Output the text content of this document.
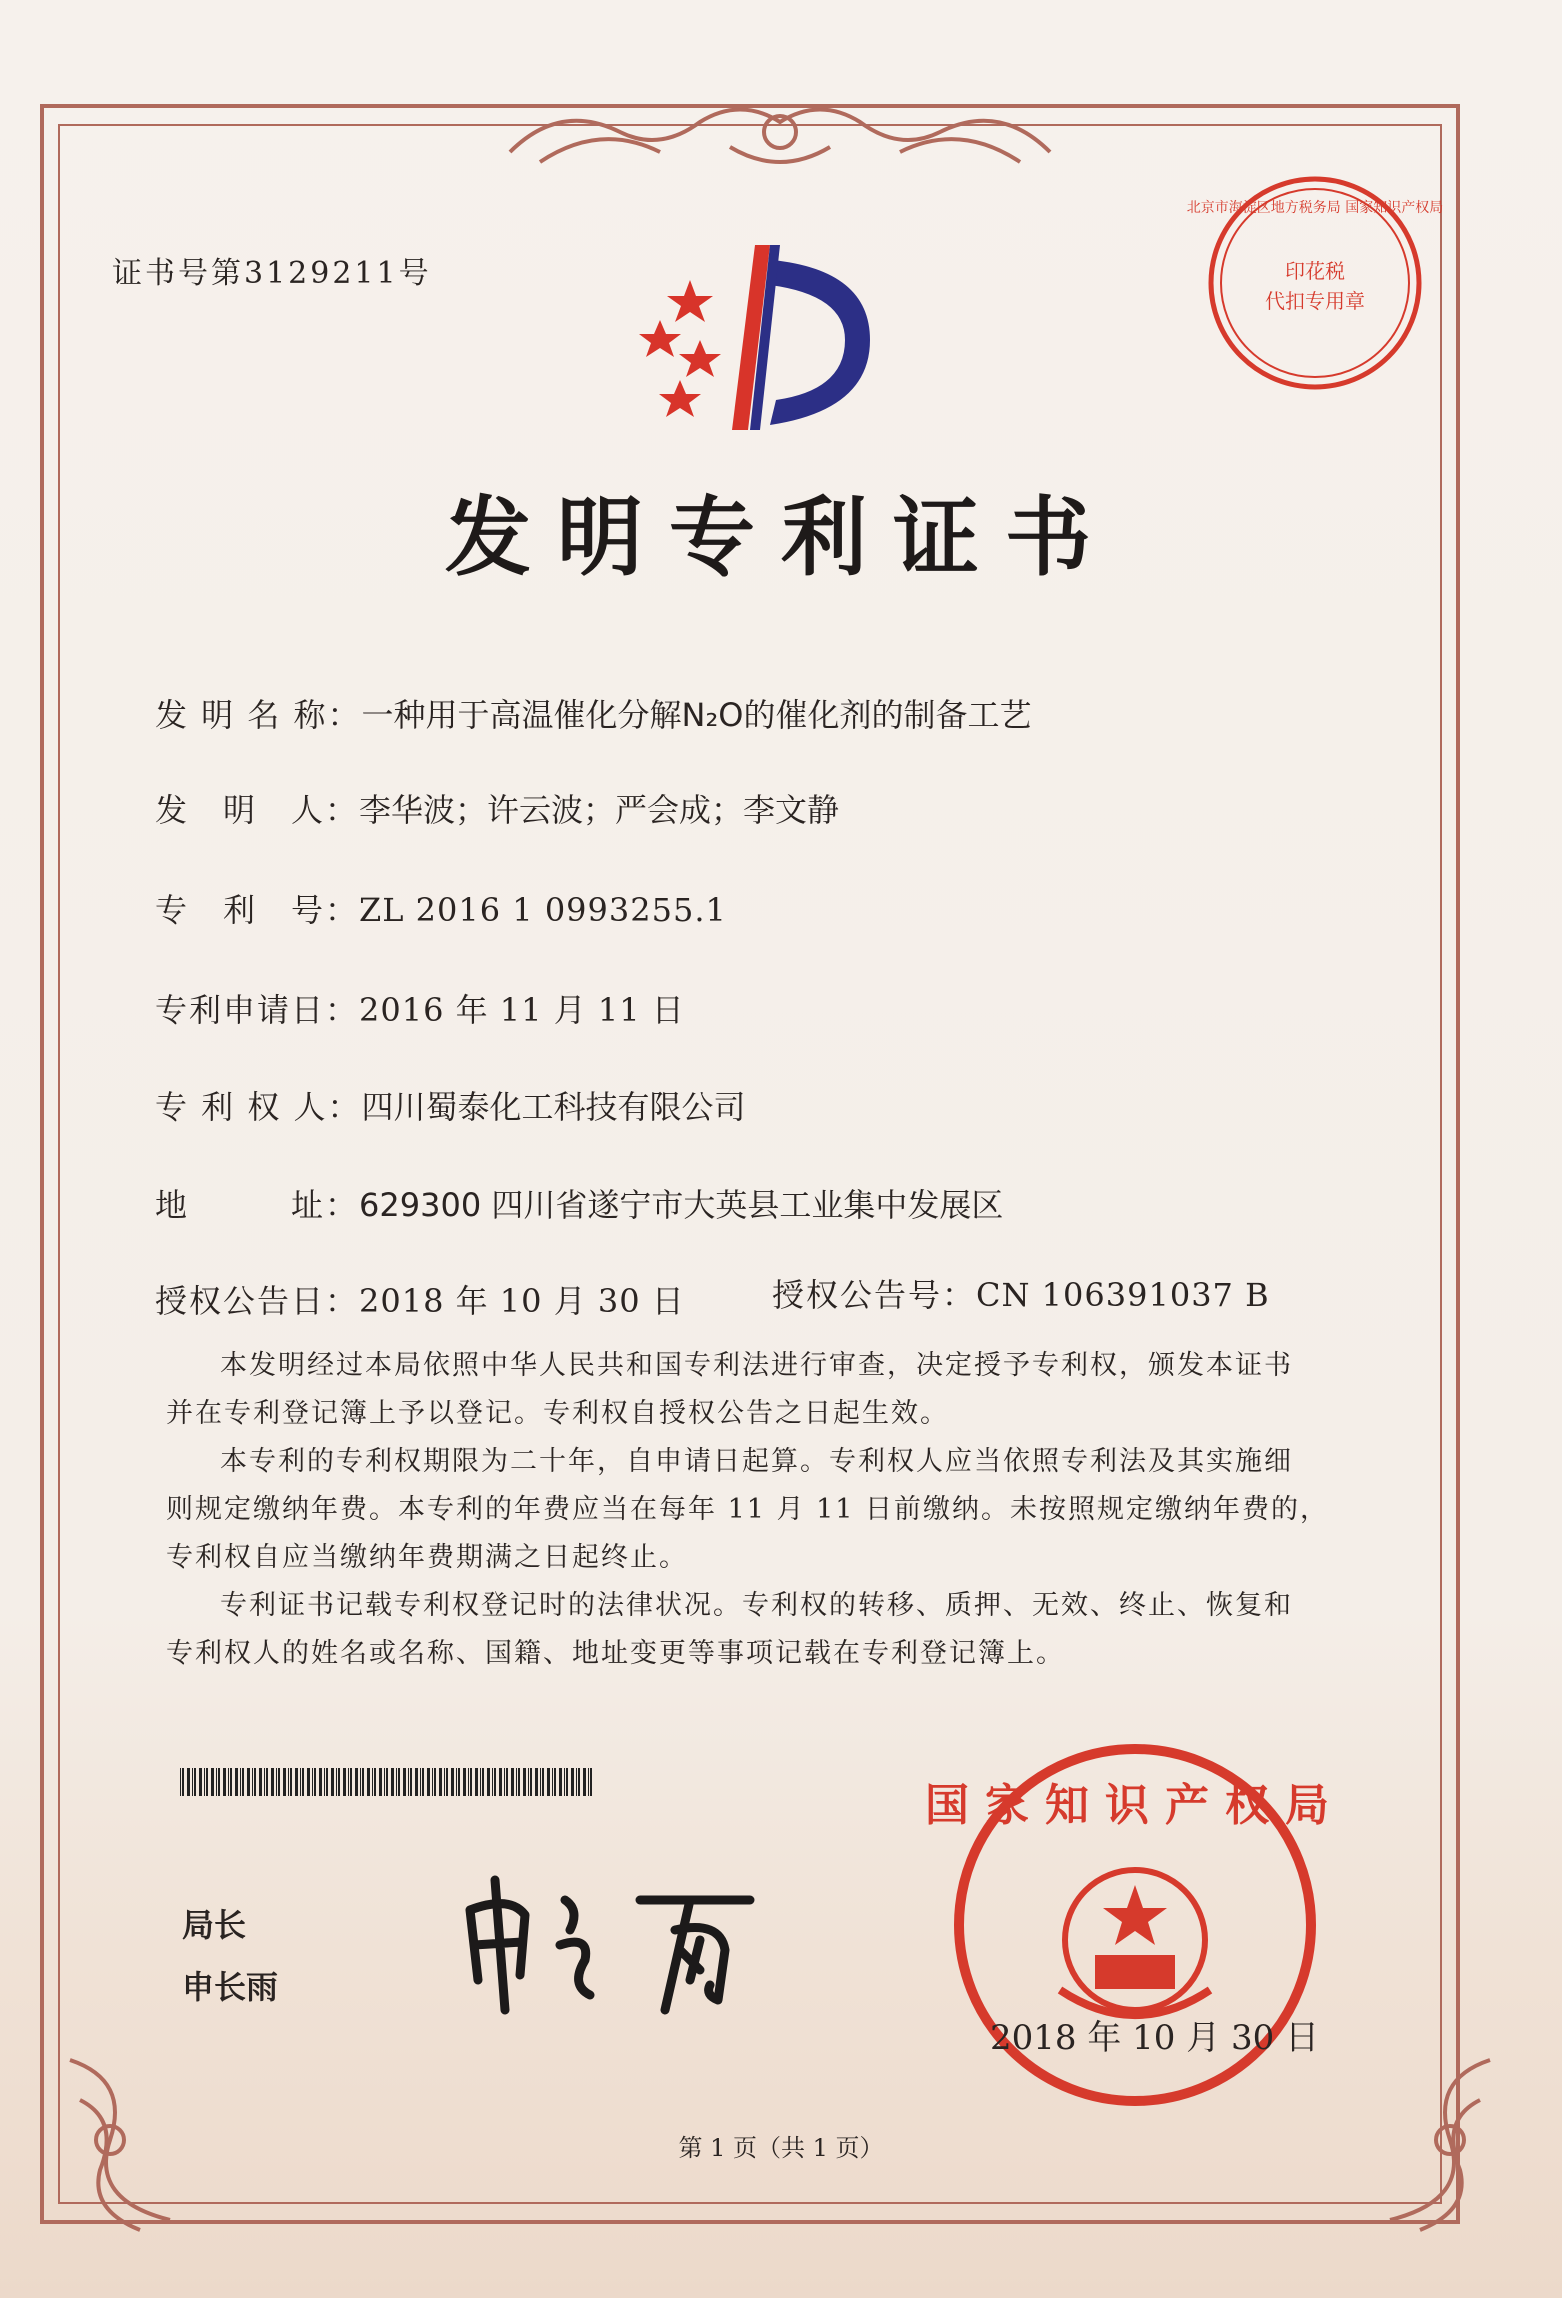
证书号第3129211号	印花税
代扣专用章
北京市海淀区地方税务局 国家知识产权局
发明专利证书
发 明 名 称：一种用于高温催化分解N₂O的催化剂的制备工艺
发　明　人：李华波；许云波；严会成；李文静
专　利　号：ZL 2016 1 0993255.1
专利申请日：2016 年 11 月 11 日
专 利 权 人：四川蜀泰化工科技有限公司
地　　　址：629300 四川省遂宁市大英县工业集中发展区
授权公告日：2018 年 10 月 30 日	授权公告号：CN 106391037 B
本发明经过本局依照中华人民共和国专利法进行审查，决定授予专利权，颁发本证书
并在专利登记簿上予以登记。专利权自授权公告之日起生效。
本专利的专利权期限为二十年，自申请日起算。专利权人应当依照专利法及其实施细
则规定缴纳年费。本专利的年费应当在每年 11 月 11 日前缴纳。未按照规定缴纳年费的，
专利权自应当缴纳年费期满之日起终止。
专利证书记载专利权登记时的法律状况。专利权的转移、质押、无效、终止、恢复和
专利权人的姓名或名称、国籍、地址变更等事项记载在专利登记簿上。
局长
申长雨
国家知识产权局
2018 年 10 月 30 日
第 1 页（共 1 页）
